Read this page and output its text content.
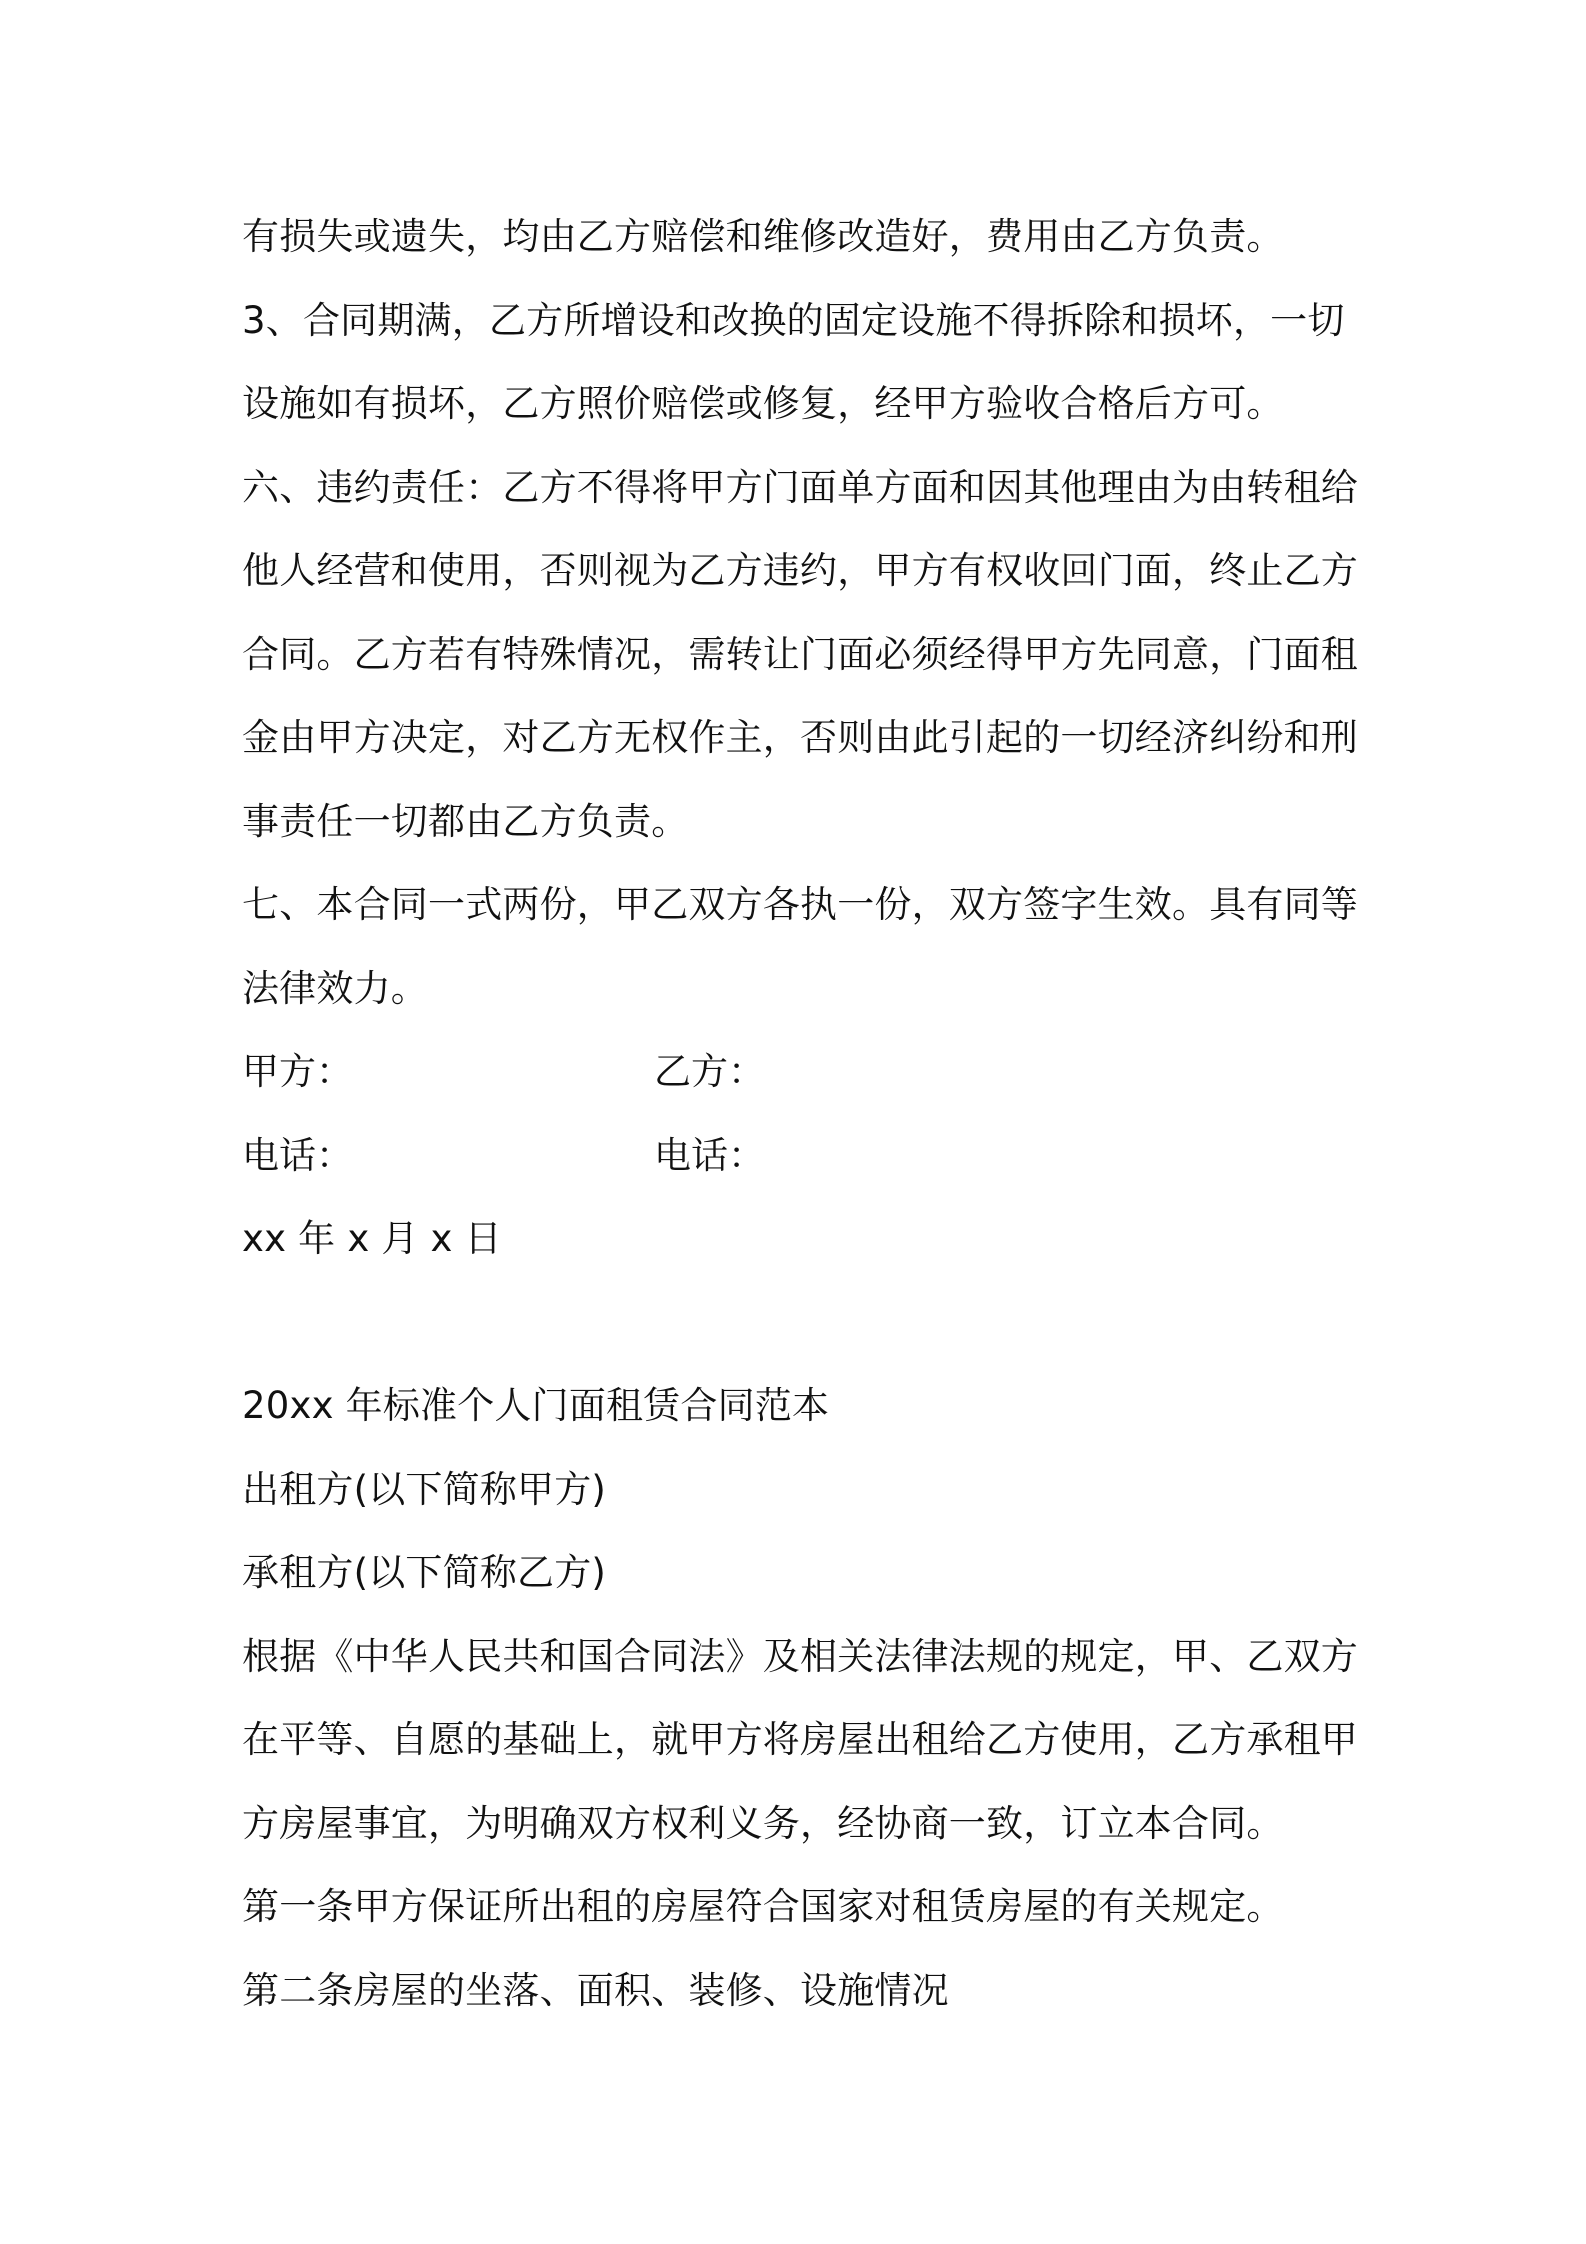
有损失或遗失，均由乙方赔偿和维修改造好，费用由乙方负责。
3、合同期满，乙方所增设和改换的固定设施不得拆除和损坏，一切
设施如有损坏，乙方照价赔偿或修复，经甲方验收合格后方可。
六、违约责任：乙方不得将甲方门面单方面和因其他理由为由转租给
他人经营和使用，否则视为乙方违约，甲方有权收回门面，终止乙方
合同。乙方若有特殊情况，需转让门面必须经得甲方先同意，门面租
金由甲方决定，对乙方无权作主，否则由此引起的一切经济纠纷和刑
事责任一切都由乙方负责。
七、本合同一式两份，甲乙双方各执一份，双方签字生效。具有同等
法律效力。
甲方：	乙方：
电话：	电话：
xx 年 x 月 x 日
20xx 年标准个人门面租赁合同范本
出租方(以下简称甲方)
承租方(以下简称乙方)
根据《中华人民共和国合同法》及相关法律法规的规定，甲、乙双方
在平等、自愿的基础上，就甲方将房屋出租给乙方使用，乙方承租甲
方房屋事宜，为明确双方权利义务，经协商一致，订立本合同。
第一条甲方保证所出租的房屋符合国家对租赁房屋的有关规定。
第二条房屋的坐落、面积、装修、设施情况
